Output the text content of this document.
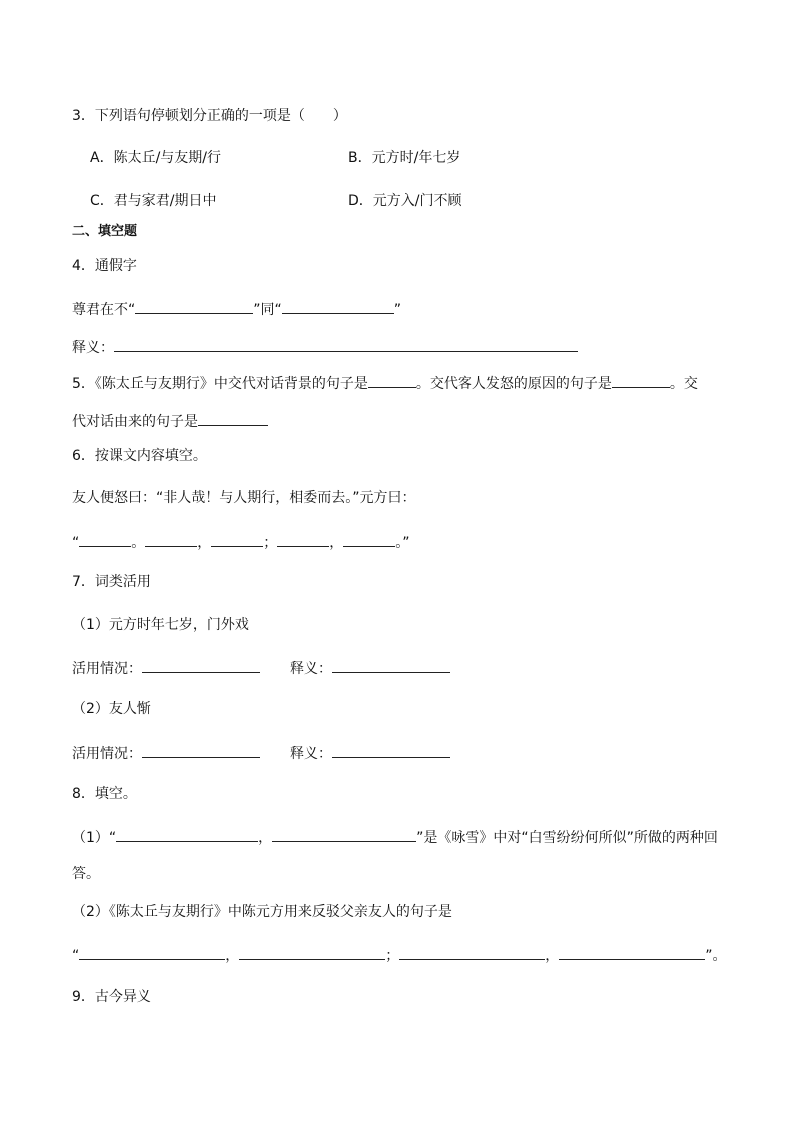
3．下列语句停顿划分正确的一项是（　　）
A．陈太丘/与友期/行	B．元方时/年七岁
C．君与家君/期日中	D．元方入/门不顾
二、填空题
4．通假字
尊君在不“	”同“	”
释义：
5．《陈太丘与友期行》中交代对话背景的句子是	。交代客人发怒的原因的句子是	。交
代对话由来的句子是
6．按课文内容填空。
友人便怒曰：“非人哉！与人期行，相委而去。”元方曰：
“	。	，	；	，	。”
7．词类活用
（1）元方时年七岁，门外戏
活用情况：	释义：
（2）友人惭
活用情况：	释义：
8．填空。
（1）“	，	”是《咏雪》中对“白雪纷纷何所似”所做的两种回
答。
（2）《陈太丘与友期行》中陈元方用来反驳父亲友人的句子是
“	，	；	，	”。
9．古今异义
